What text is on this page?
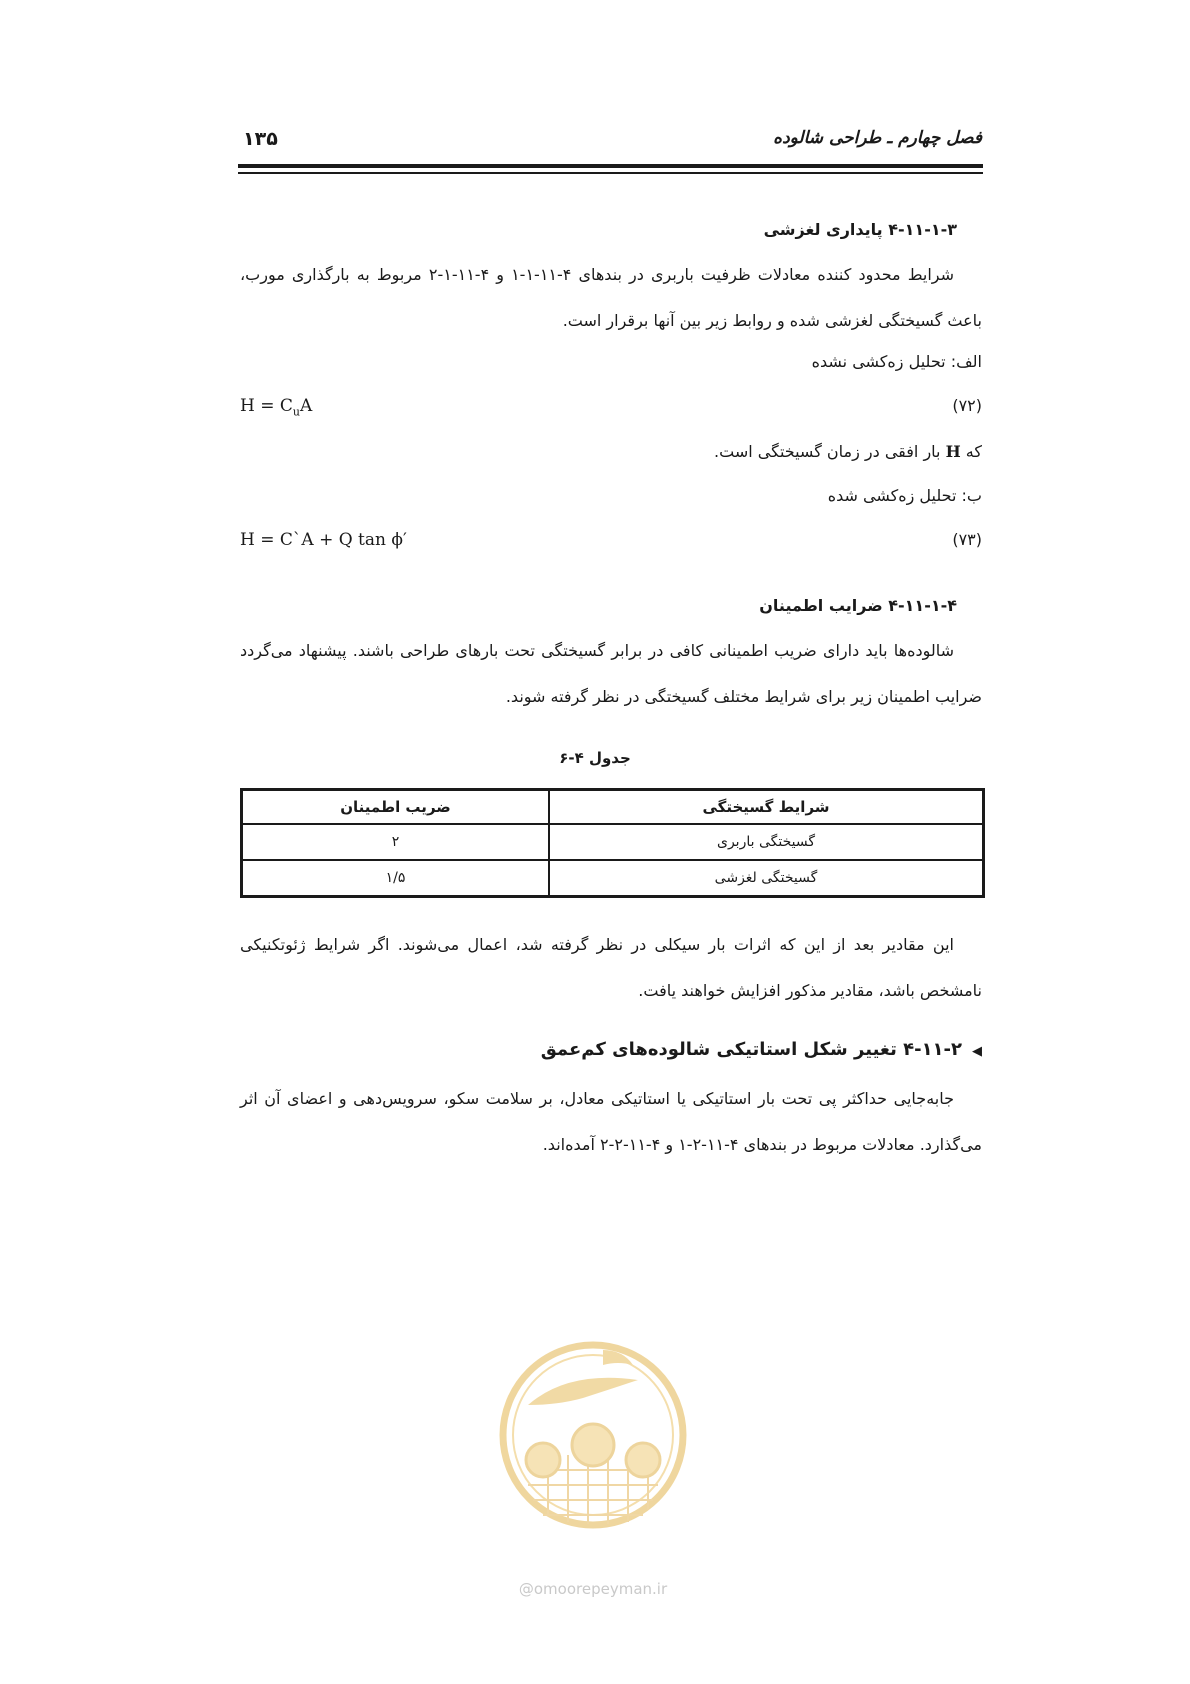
فصل چهارم ـ طراحی شالوده
۱۳۵
۴-۱۱-۱-۳ پایداری لغزشی
شرایط محدود کننده معادلات ظرفیت باربری در بندهای ۴-۱۱-۱-۱ و ۴-۱۱-۱-۲ مربوط به بارگذاری مورب، باعث گسیختگی لغزشی شده و روابط زیر بین آنها برقرار است.
الف: تحلیل زه‌کشی نشده
$H = C_uA$	(۷۲)
که H بار افقی در زمان گسیختگی است.
ب: تحلیل زه‌کشی شده
H = C`A + Q tan ϕ′	(۷۳)
۴-۱۱-۱-۴ ضرایب اطمینان
شالوده‌ها باید دارای ضریب اطمینانی کافی در برابر گسیختگی تحت بارهای طراحی باشند. پیشنهاد می‌گردد ضرایب اطمینان زیر برای شرایط مختلف گسیختگی در نظر گرفته شوند.
جدول ۴-۶
شرایط گسیختگی	ضریب اطمینان
گسیختگی باربری	۲
گسیختگی لغزشی	۱/۵
این مقادیر بعد از این که اثرات بار سیکلی در نظر گرفته شد، اعمال می‌شوند. اگر شرایط ژئوتکنیکی نامشخص باشد، مقادیر مذکور افزایش خواهند یافت.
◀۴-۱۱-۲ تغییر شکل استاتیکی شالوده‌های کم‌عمق
جابه‌جایی حداکثر پی تحت بار استاتیکی یا استاتیکی معادل، بر سلامت سکو، سرویس‌دهی و اعضای آن اثر می‌گذارد. معادلات مربوط در بندهای ۴-۱۱-۲-۱ و ۴-۱۱-۲-۲ آمده‌اند.
@omoorepeyman.ir
